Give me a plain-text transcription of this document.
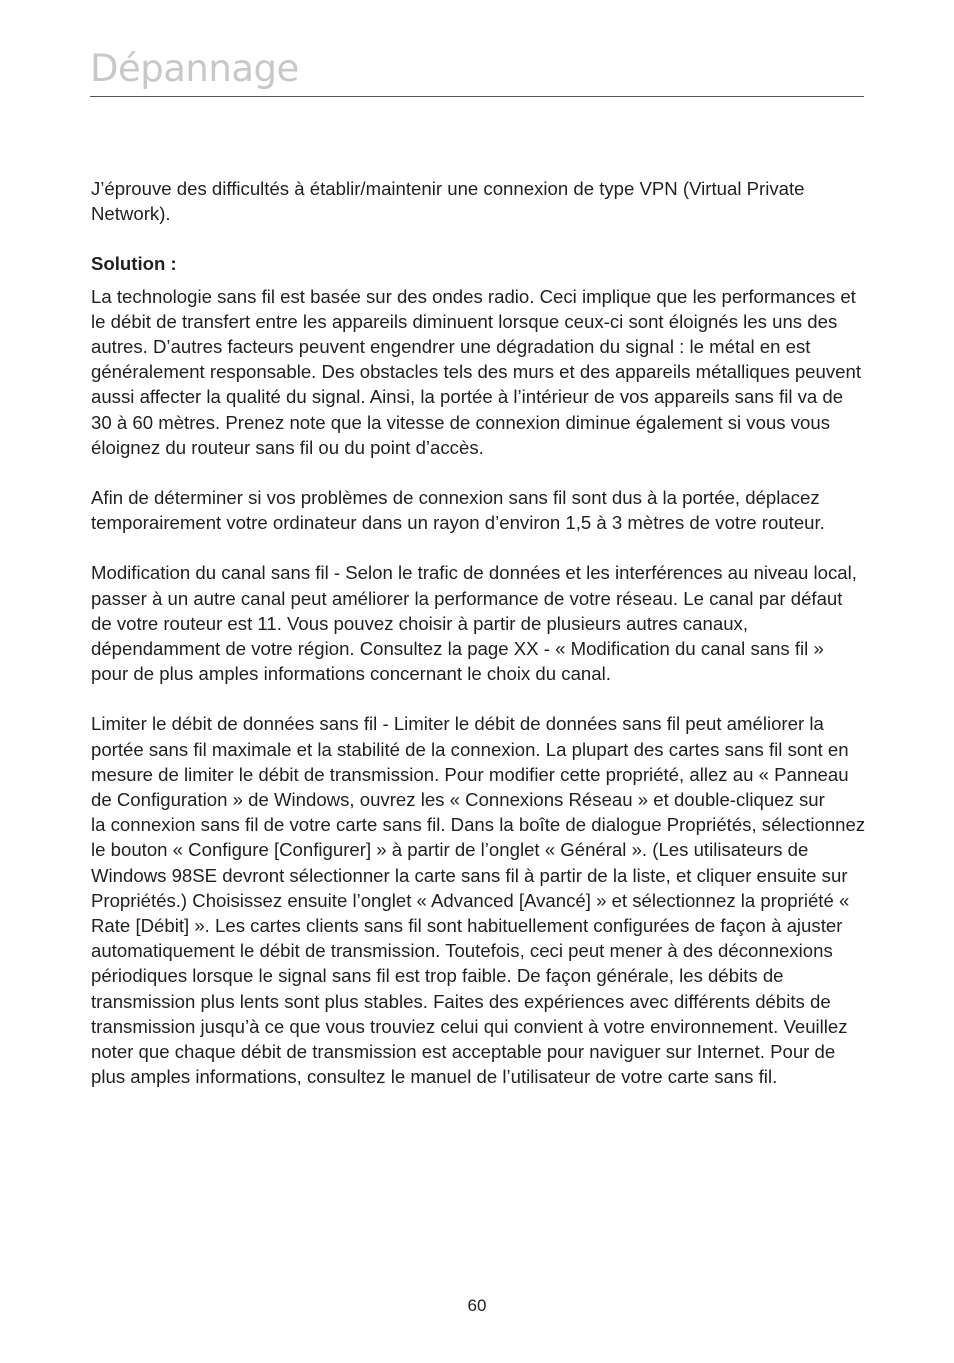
Dépannage

J’éprouve des difficultés à établir/maintenir une connexion de type VPN (Virtual Private Network).

Solution :

La technologie sans fil est basée sur des ondes radio. Ceci implique que les performances et le débit de transfert entre les appareils diminuent lorsque ceux-ci sont éloignés les uns des autres. D’autres facteurs peuvent engendrer une dégradation du signal : le métal en est généralement responsable. Des obstacles tels des murs et des appareils métalliques peuvent aussi affecter la qualité du signal. Ainsi, la portée à l’intérieur de vos appareils sans fil va de 30 à 60 mètres. Prenez note que la vitesse de connexion diminue également si vous vous éloignez du routeur sans fil ou du point d’accès.

Afin de déterminer si vos problèmes de connexion sans fil sont dus à la portée, déplacez temporairement votre ordinateur dans un rayon d’environ 1,5 à 3 mètres de votre routeur.

Modification du canal sans fil - Selon le trafic de données et les interférences au niveau local, passer à un autre canal peut améliorer la performance de votre réseau. Le canal par défaut de votre routeur est 11. Vous pouvez choisir à partir de plusieurs autres canaux, dépendamment de votre région. Consultez la page XX - « Modification du canal sans fil » pour de plus amples informations concernant le choix du canal.

Limiter le débit de données sans fil - Limiter le débit de données sans fil peut améliorer la portée sans fil maximale et la stabilité de la connexion. La plupart des cartes sans fil sont en mesure de limiter le débit de transmission. Pour modifier cette propriété, allez au « Panneau de Configuration » de Windows, ouvrez les « Connexions Réseau » et double-cliquez sur

la connexion sans fil de votre carte sans fil. Dans la boîte de dialogue Propriétés, sélectionnez le bouton « Configure [Configurer] » à partir de l’onglet « Général ». (Les utilisateurs de Windows 98SE devront sélectionner la carte sans fil à partir de la liste, et cliquer ensuite sur Propriétés.) Choisissez ensuite l’onglet « Advanced [Avancé] » et sélectionnez la propriété « Rate [Débit] ». Les cartes clients sans fil sont habituellement configurées de façon à ajuster automatiquement le débit de transmission. Toutefois, ceci peut mener à des déconnexions périodiques lorsque le signal sans fil est trop faible. De façon générale, les débits de transmission plus lents sont plus stables. Faites des expériences avec différents débits de transmission jusqu’à ce que vous trouviez celui qui convient à votre environnement. Veuillez noter que chaque débit de transmission est acceptable pour naviguer sur Internet. Pour de plus amples informations, consultez le manuel de l’utilisateur de votre carte sans fil.

60
